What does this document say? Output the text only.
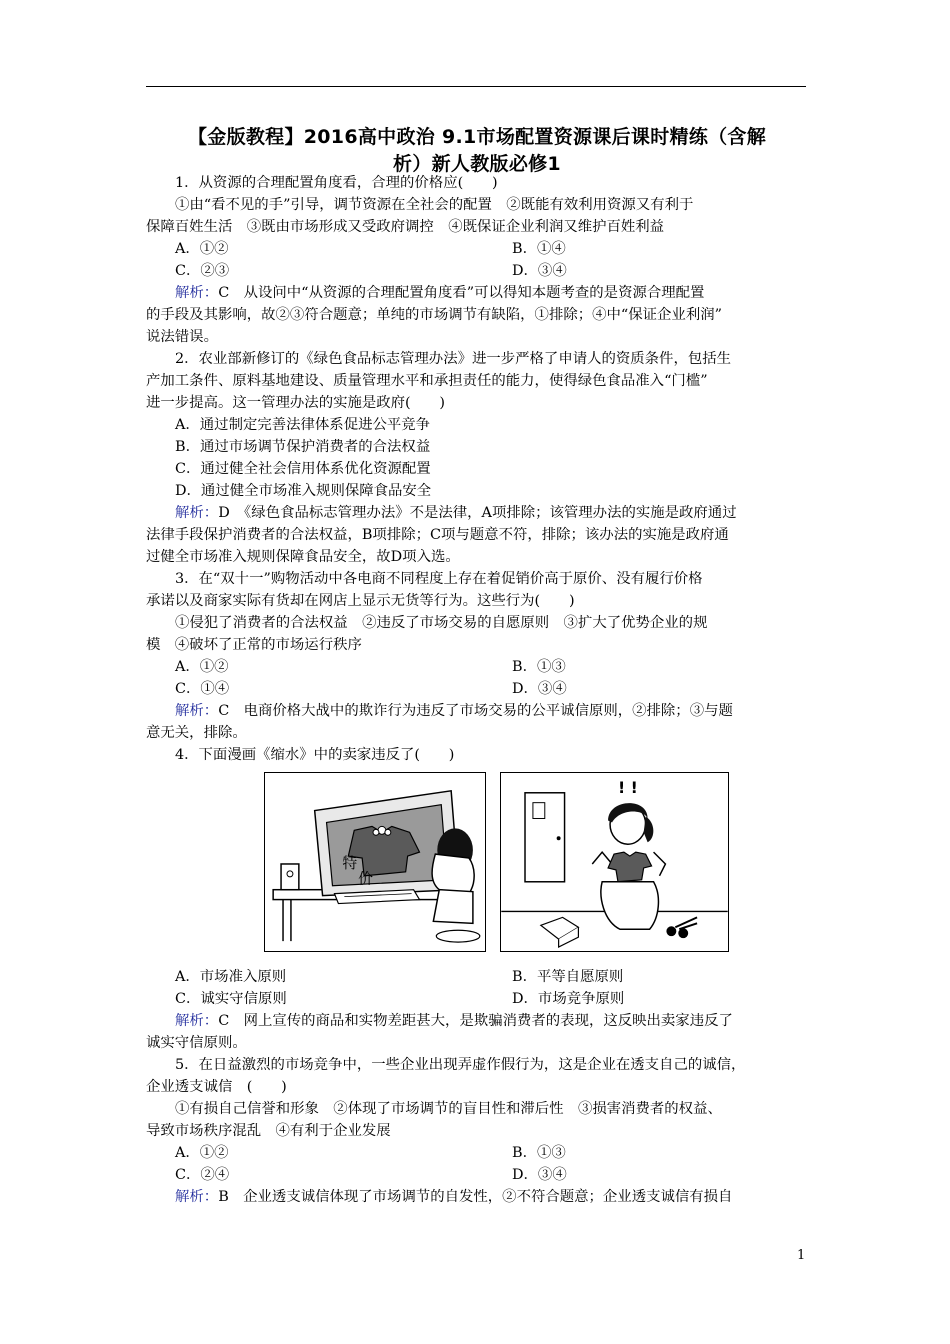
【金版教程】2016高中政治 9.1市场配置资源课后课时精练（含解
析）新人教版必修1
1．从资源的合理配置角度看，合理的价格应(　　)
①由“看不见的手”引导，调节资源在全社会的配置　②既能有效利用资源又有利于
保障百姓生活　③既由市场形成又受政府调控　④既保证企业利润又维护百姓利益
A．①②	B．①④
C．②③	D．③④
解析：C　从设问中“从资源的合理配置角度看”可以得知本题考查的是资源合理配置
的手段及其影响，故②③符合题意；单纯的市场调节有缺陷，①排除；④中“保证企业利润”
说法错误。
2．农业部新修订的《绿色食品标志管理办法》进一步严格了申请人的资质条件，包括生
产加工条件、原料基地建设、质量管理水平和承担责任的能力，使得绿色食品准入“门槛”
进一步提高。这一管理办法的实施是政府(　　)
A．通过制定完善法律体系促进公平竞争
B．通过市场调节保护消费者的合法权益
C．通过健全社会信用体系优化资源配置
D．通过健全市场准入规则保障食品安全
解析：D　《绿色食品标志管理办法》不是法律，A项排除；该管理办法的实施是政府通过
法律手段保护消费者的合法权益，B项排除；C项与题意不符，排除；该办法的实施是政府通
过健全市场准入规则保障食品安全，故D项入选。
3．在“双十一”购物活动中各电商不同程度上存在着促销价高于原价、没有履行价格
承诺以及商家实际有货却在网店上显示无货等行为。这些行为(　　)
①侵犯了消费者的合法权益　②违反了市场交易的自愿原则　③扩大了优势企业的规
模　④破坏了正常的市场运行秩序
A．①②	B．①③
C．①④	D．③④
解析：C　电商价格大战中的欺诈行为违反了市场交易的公平诚信原则，②排除；③与题
意无关，排除。
4．下面漫画《缩水》中的卖家违反了(　　)
特
价
! !
A．市场准入原则	B．平等自愿原则
C．诚实守信原则	D．市场竞争原则
解析：C　网上宣传的商品和实物差距甚大，是欺骗消费者的表现，这反映出卖家违反了
诚实守信原则。
5．在日益激烈的市场竞争中，一些企业出现弄虚作假行为，这是企业在透支自己的诚信，
企业透支诚信　(　　)
①有损自己信誉和形象　②体现了市场调节的盲目性和滞后性　③损害消费者的权益、
导致市场秩序混乱　④有利于企业发展
A．①②	B．①③
C．②④	D．③④
解析：B　企业透支诚信体现了市场调节的自发性，②不符合题意；企业透支诚信有损自
1
